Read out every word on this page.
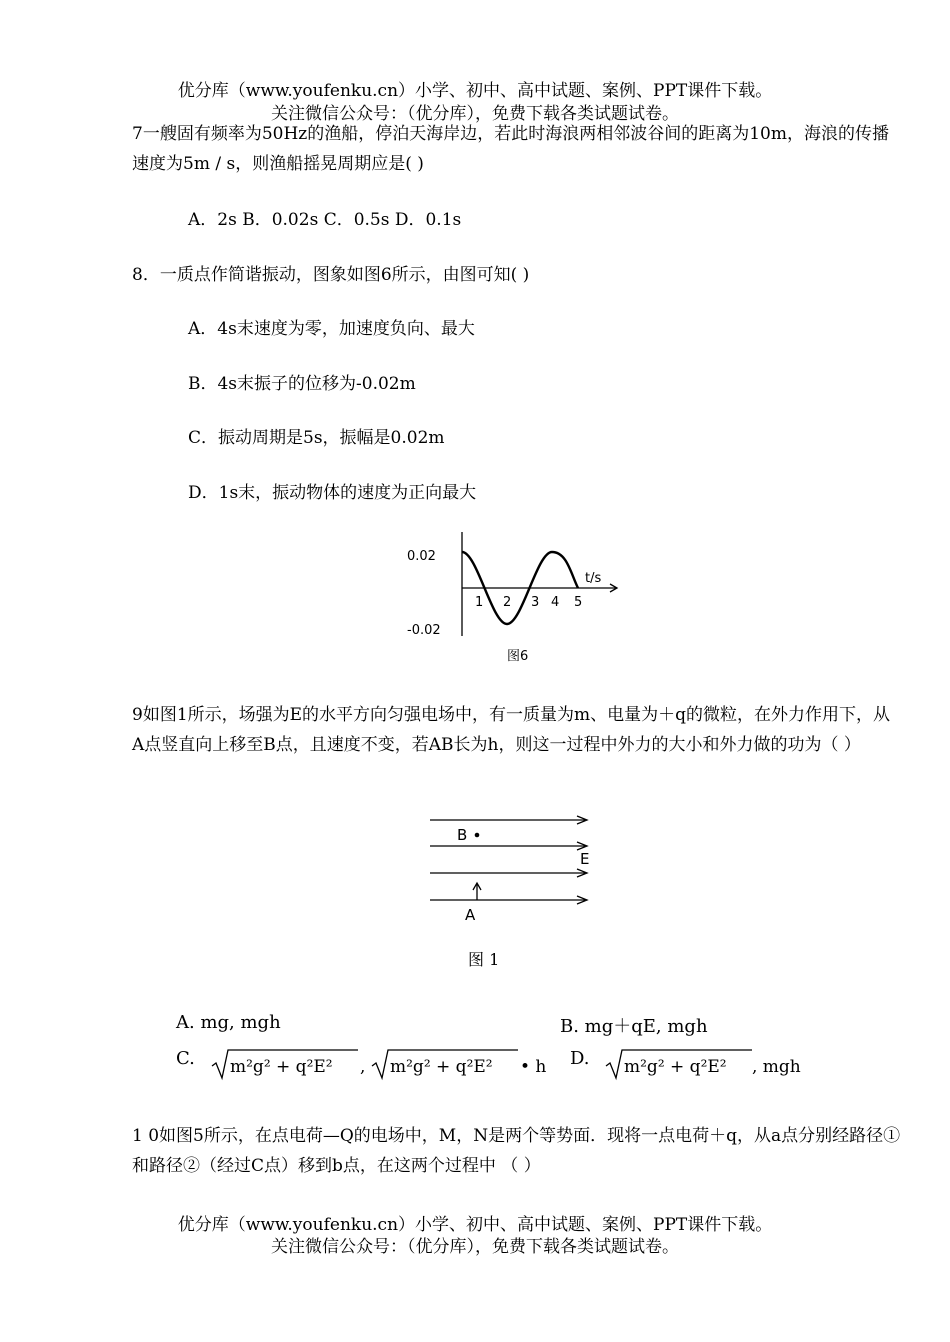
优分库（www.youfenku.cn）小学、初中、高中试题、案例、PPT课件下载。
关注微信公众号：（优分库），免费下载各类试题试卷。
7一艘固有频率为50Hz的渔船，停泊天海岸边，若此时海浪两相邻波谷间的距离为10m，海浪的传播速度为5m / s，则渔船摇晃周期应是( )
A．2s B．0.02s C．0.5s D．0.1s
8．一质点作简谐振动，图象如图6所示，由图可知( )
A．4s末速度为零，加速度负向、最大
B．4s末振子的位移为-0.02m
C．振动周期是5s，振幅是0.02m
D．1s末，振动物体的速度为正向最大
0.02
-0.02
t/s
1 2 3 4 5
图6
9如图1所示，场强为E的水平方向匀强电场中，有一质量为m、电量为＋q的微粒，在外力作用下，从A点竖直向上移至B点，且速度不变，若AB长为h，则这一过程中外力的大小和外力做的功为（ ）
B
E
A
图 1
A. mg, mgh	B. mg＋qE, mgh
C. m²g² + q²E² , m²g² + q²E² • h D. m²g² + q²E² , mgh
1 0如图5所示，在点电荷—Q的电场中，M，N是两个等势面．现将一点电荷＋q，从a点分别经路径①和路径②（经过C点）移到b点，在这两个过程中 （ ）
优分库（www.youfenku.cn）小学、初中、高中试题、案例、PPT课件下载。
关注微信公众号：（优分库），免费下载各类试题试卷。
